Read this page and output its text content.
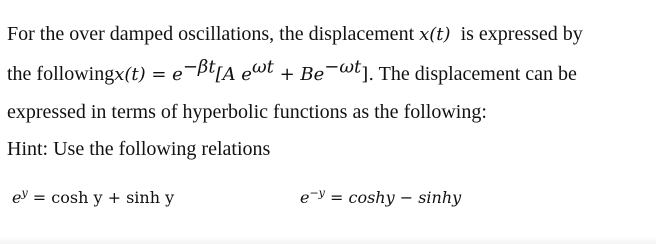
For the over damped oscillations, the displacement x(t)  is expressed by
the followingx(t) = $e^{-\beta t}[A$ $e^{\omega t} + Be^{-\omega t}$]. The displacement can be
expressed in terms of hyperbolic functions as the following:
Hint: Use the following relations
$e^y = \cosh y + \sinh y$	$e^{-y} = \cosh y - \sinh y$
